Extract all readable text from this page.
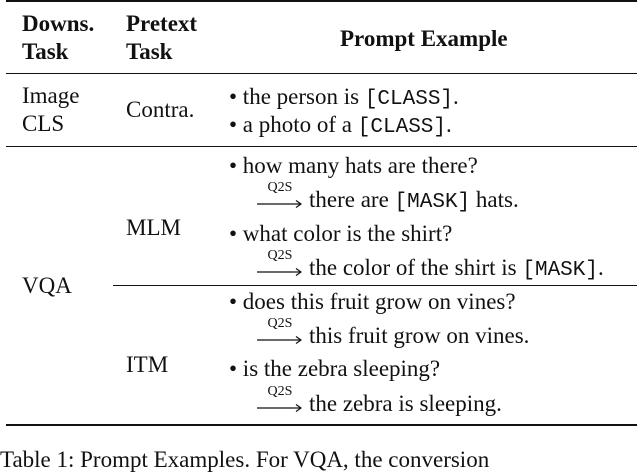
Downs.
Task
Pretext
Task
Prompt Example
Image
CLS
Contra.
• the person is [CLASS].
• a photo of a [CLASS].
VQA
MLM
• how many hats are there?
Q2S there are [MASK] hats.
• what color is the shirt?
Q2S the color of the shirt is [MASK].
ITM
• does this fruit grow on vines?
Q2S this fruit grow on vines.
• is the zebra sleeping?
Q2S the zebra is sleeping.
Table 1: Prompt Examples. For VQA, the conversion
